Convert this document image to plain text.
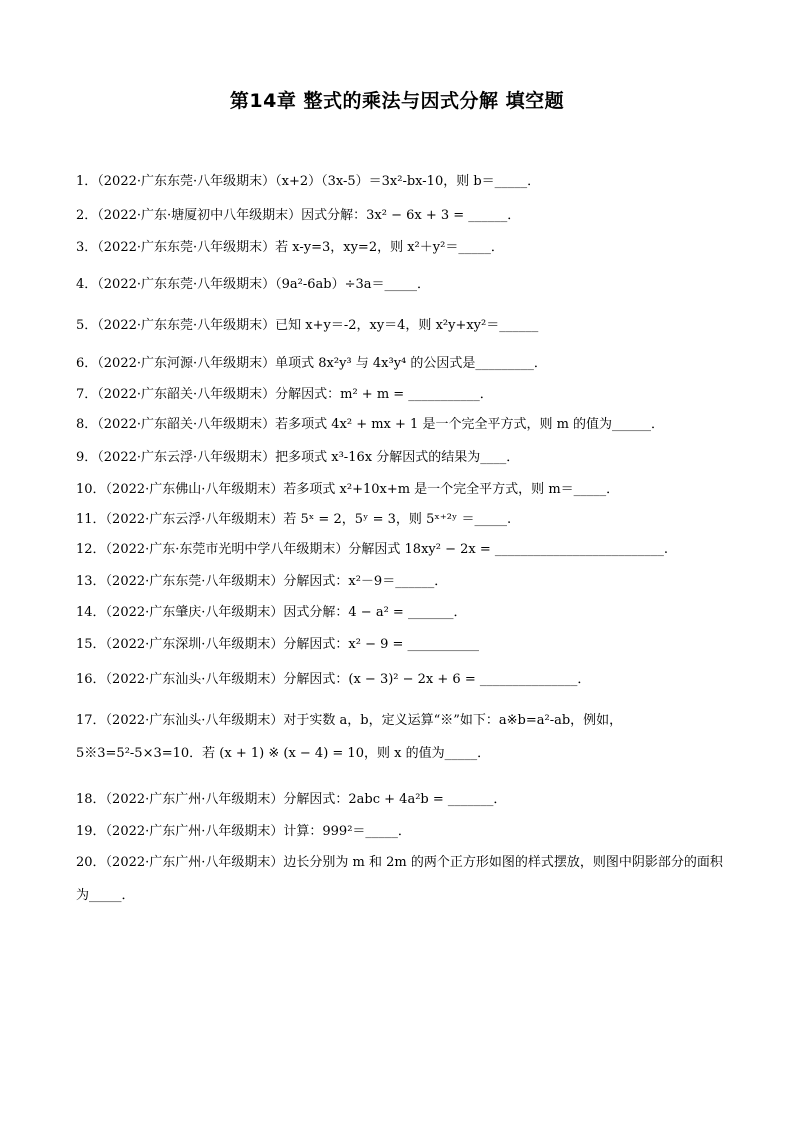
第14章 整式的乘法与因式分解 填空题
1．（2022·广东东莞·八年级期末）（x+2）（3x-5）＝3x²-bx-10，则 b＝_____．
2．（2022·广东·塘厦初中八年级期末）因式分解：3x² − 6x + 3 = ______．
3．（2022·广东东莞·八年级期末）若 x-y=3，xy=2，则 x²＋y²＝_____．
4．（2022·广东东莞·八年级期末）（9a²-6ab）÷3a＝_____．
5．（2022·广东东莞·八年级期末）已知 x+y＝-2，xy＝4，则 x²y+xy²＝______
6．（2022·广东河源·八年级期末）单项式 8x²y³ 与 4x³y⁴ 的公因式是_________．
7．（2022·广东韶关·八年级期末）分解因式：m² + m = ___________．
8．（2022·广东韶关·八年级期末）若多项式 4x² + mx + 1 是一个完全平方式，则 m 的值为______．
9．（2022·广东云浮·八年级期末）把多项式 x³-16x 分解因式的结果为____．
10．（2022·广东佛山·八年级期末）若多项式 x²+10x+m 是一个完全平方式，则 m＝_____．
11．（2022·广东云浮·八年级期末）若 5ˣ = 2，5ʸ = 3，则 5ˣ⁺²ʸ ＝_____.
12．（2022·广东·东莞市光明中学八年级期末）分解因式 18xy² − 2x = __________________________.
13．（2022·广东东莞·八年级期末）分解因式：x²－9＝______．
14．（2022·广东肇庆·八年级期末）因式分解：4 − a² = _______．
15．（2022·广东深圳·八年级期末）分解因式：x² − 9 = ___________
16．（2022·广东汕头·八年级期末）分解因式：(x − 3)² − 2x + 6 = _______________．
17．（2022·广东汕头·八年级期末）对于实数 a，b，定义运算“※”如下：a※b=a²-ab，例如，5※3=5²-5×3=10．若 (x + 1) ※ (x − 4) = 10，则 x 的值为_____．
18．（2022·广东广州·八年级期末）分解因式：2abc + 4a²b = _______．
19．（2022·广东广州·八年级期末）计算：999²＝_____．
20．（2022·广东广州·八年级期末）边长分别为 m 和 2m 的两个正方形如图的样式摆放，则图中阴影部分的面积为_____．
